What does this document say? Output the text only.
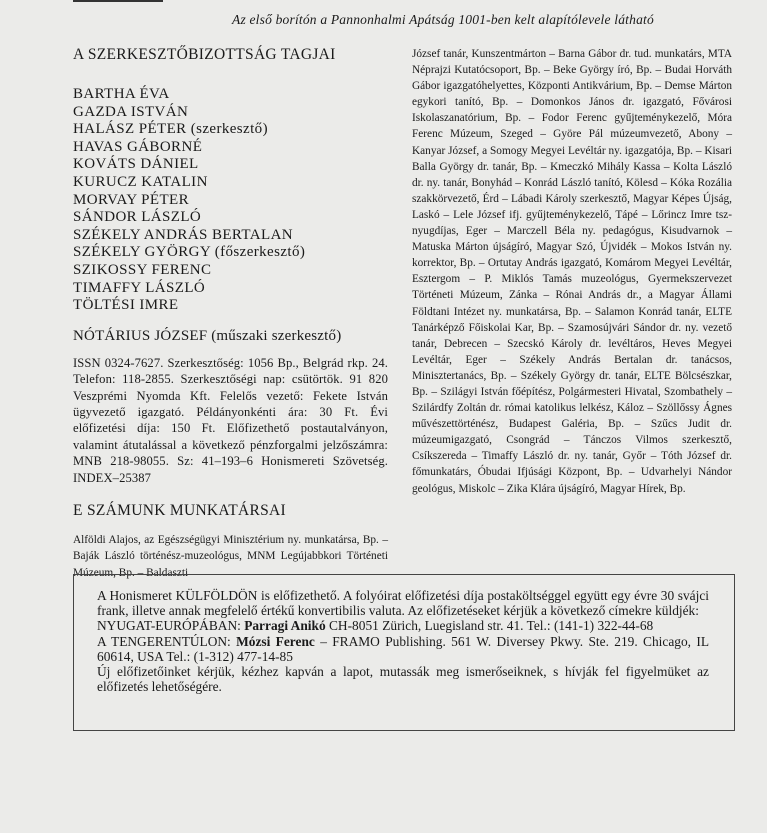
Az első borítón a Pannonhalmi Apátság 1001-ben kelt alapítólevele látható
A SZERKESZTŐBIZOTTSÁG TAGJAI
BARTHA ÉVA
GAZDA ISTVÁN
HALÁSZ PÉTER (szerkesztő)
HAVAS GÁBORNÉ
KOVÁTS DÁNIEL
KURUCZ KATALIN
MORVAY PÉTER
SÁNDOR LÁSZLÓ
SZÉKELY ANDRÁS BERTALAN
SZÉKELY GYÖRGY (főszerkesztő)
SZIKOSSY FERENC
TIMAFFY LÁSZLÓ
TÖLTÉSI IMRE
NÓTÁRIUS JÓZSEF (műszaki szerkesztő)
ISSN 0324-7627. Szerkesztőség: 1056 Bp., Belgrád rkp. 24. Telefon: 118-2855. Szerkesztőségi nap: csütörtök. 91 820 Veszprémi Nyomda Kft. Felelős vezető: Fekete István ügyvezető igazgató. Példányonkénti ára: 30 Ft. Évi előfizetési díja: 150 Ft. Előfizethető postautalványon, valamint átutalással a következő pénzforgalmi jelzőszámra: MNB 218-98055. Sz: 41–193–6 Honismereti Szövetség. INDEX–25387
E SZÁMUNK MUNKATÁRSAI
Alföldi Alajos, az Egészségügyi Minisztérium ny. munkatársa, Bp. – Baják László történész-muzeológus, MNM Legújabbkori Történeti Múzeum, Bp. – Baldaszti
József tanár, Kunszentmárton – Barna Gábor dr. tud. munkatárs, MTA Néprajzi Kutatócsoport, Bp. – Beke György író, Bp. – Budai Horváth Gábor igazgatóhelyettes, Központi Antikvárium, Bp. – Demse Márton egykori tanító, Bp. – Domonkos János dr. igazgató, Fővárosi Iskolaszanatórium, Bp. – Fodor Ferenc gyűjteménykezelő, Móra Ferenc Múzeum, Szeged – Györe Pál múzeumvezető, Abony – Kanyar József, a Somogy Megyei Levéltár ny. igazgatója, Bp. – Kisari Balla György dr. tanár, Bp. – Kmeczkó Mihály Kassa – Kolta László dr. ny. tanár, Bonyhád – Konrád László tanító, Kölesd – Kóka Rozália szakkörvezető, Érd – Lábadi Károly szerkesztő, Magyar Képes Újság, Laskó – Lele József ifj. gyűjteménykezelő, Tápé – Lőrincz Imre tsz-nyugdíjas, Eger – Marczell Béla ny. pedagógus, Kisudvarnok – Matuska Márton újságíró, Magyar Szó, Újvidék – Mokos István ny. korrektor, Bp. – Ortutay András igazgató, Komárom Megyei Levéltár, Esztergom – P. Miklós Tamás muzeológus, Gyermekszervezet Történeti Múzeum, Zánka – Rónai András dr., a Magyar Állami Földtani Intézet ny. munkatársa, Bp. – Salamon Konrád tanár, ELTE Tanárképző Főiskolai Kar, Bp. – Szamosújvári Sándor dr. ny. vezető tanár, Debrecen – Szecskó Károly dr. levéltáros, Heves Megyei Levéltár, Eger – Székely András Bertalan dr. tanácsos, Minisztertanács, Bp. – Székely György dr. tanár, ELTE Bölcsészkar, Bp. – Szilágyi István főépítész, Polgármesteri Hivatal, Szombathely – Szilárdfy Zoltán dr. római katolikus lelkész, Káloz – Szöllőssy Ágnes művészettörténész, Budapest Galéria, Bp. – Szűcs Judit dr. múzeumigazgató, Csongrád – Tánczos Vilmos szerkesztő, Csíkszereda – Timaffy László dr. ny. tanár, Győr – Tóth József dr. főmunkatárs, Óbudai Ifjúsági Központ, Bp. – Udvarhelyi Nándor geológus, Miskolc – Zika Klára újságíró, Magyar Hírek, Bp.
A Honismeret KÜLFÖLDÖN is előfizethető. A folyóirat előfizetési díja postaköltséggel együtt egy évre 30 svájci frank, illetve annak megfelelő értékű konvertibilis valuta. Az előfizetéseket kérjük a következő címekre küldjék:
NYUGAT-EURÓPÁBAN: Parragi Anikó CH-8051 Zürich, Luegisland str. 41. Tel.: (141-1) 322-44-68
A TENGERENTÚLON: Mózsi Ferenc – FRAMO Publishing. 561 W. Diversey Pkwy. Ste. 219. Chicago, IL 60614, USA Tel.: (1-312) 477-14-85
Új előfizetőinket kérjük, kézhez kapván a lapot, mutassák meg ismerőseiknek, s hívják fel figyelmüket az előfizetés lehetőségére.
